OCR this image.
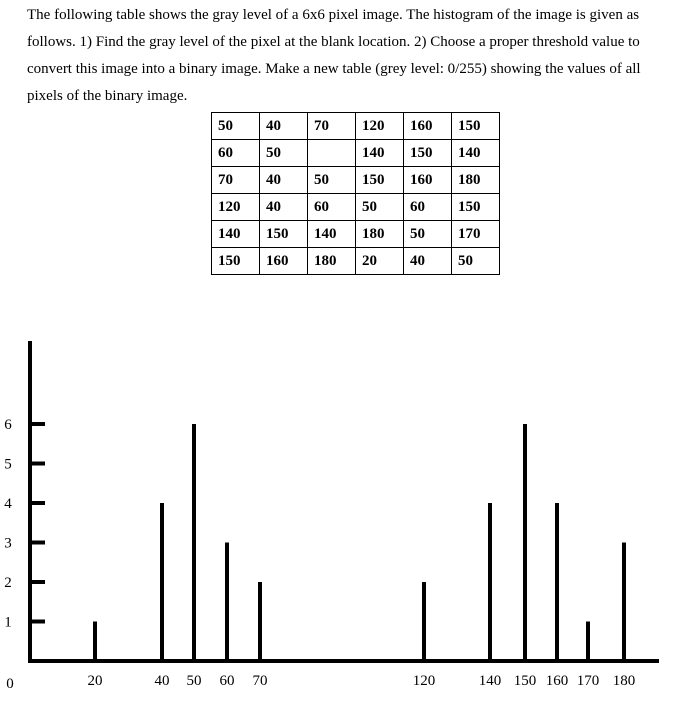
The following table shows the gray level of a 6x6 pixel image. The histogram of the image is given as follows. 1) Find the gray level of the pixel at the blank location. 2) Choose a proper threshold value to convert this image into a binary image. Make a new table (grey level: 0/255) showing the values of all pixels of the binary image.

50	40	70	120	160	150
60	50		140	150	140
70	40	50	150	160	180
120	40	60	50	60	150
140	150	140	180	50	170
150	160	180	20	40	50
1
2
3
4
5
6
0	20	40 50 60 70	120	140 150 160 170 180
